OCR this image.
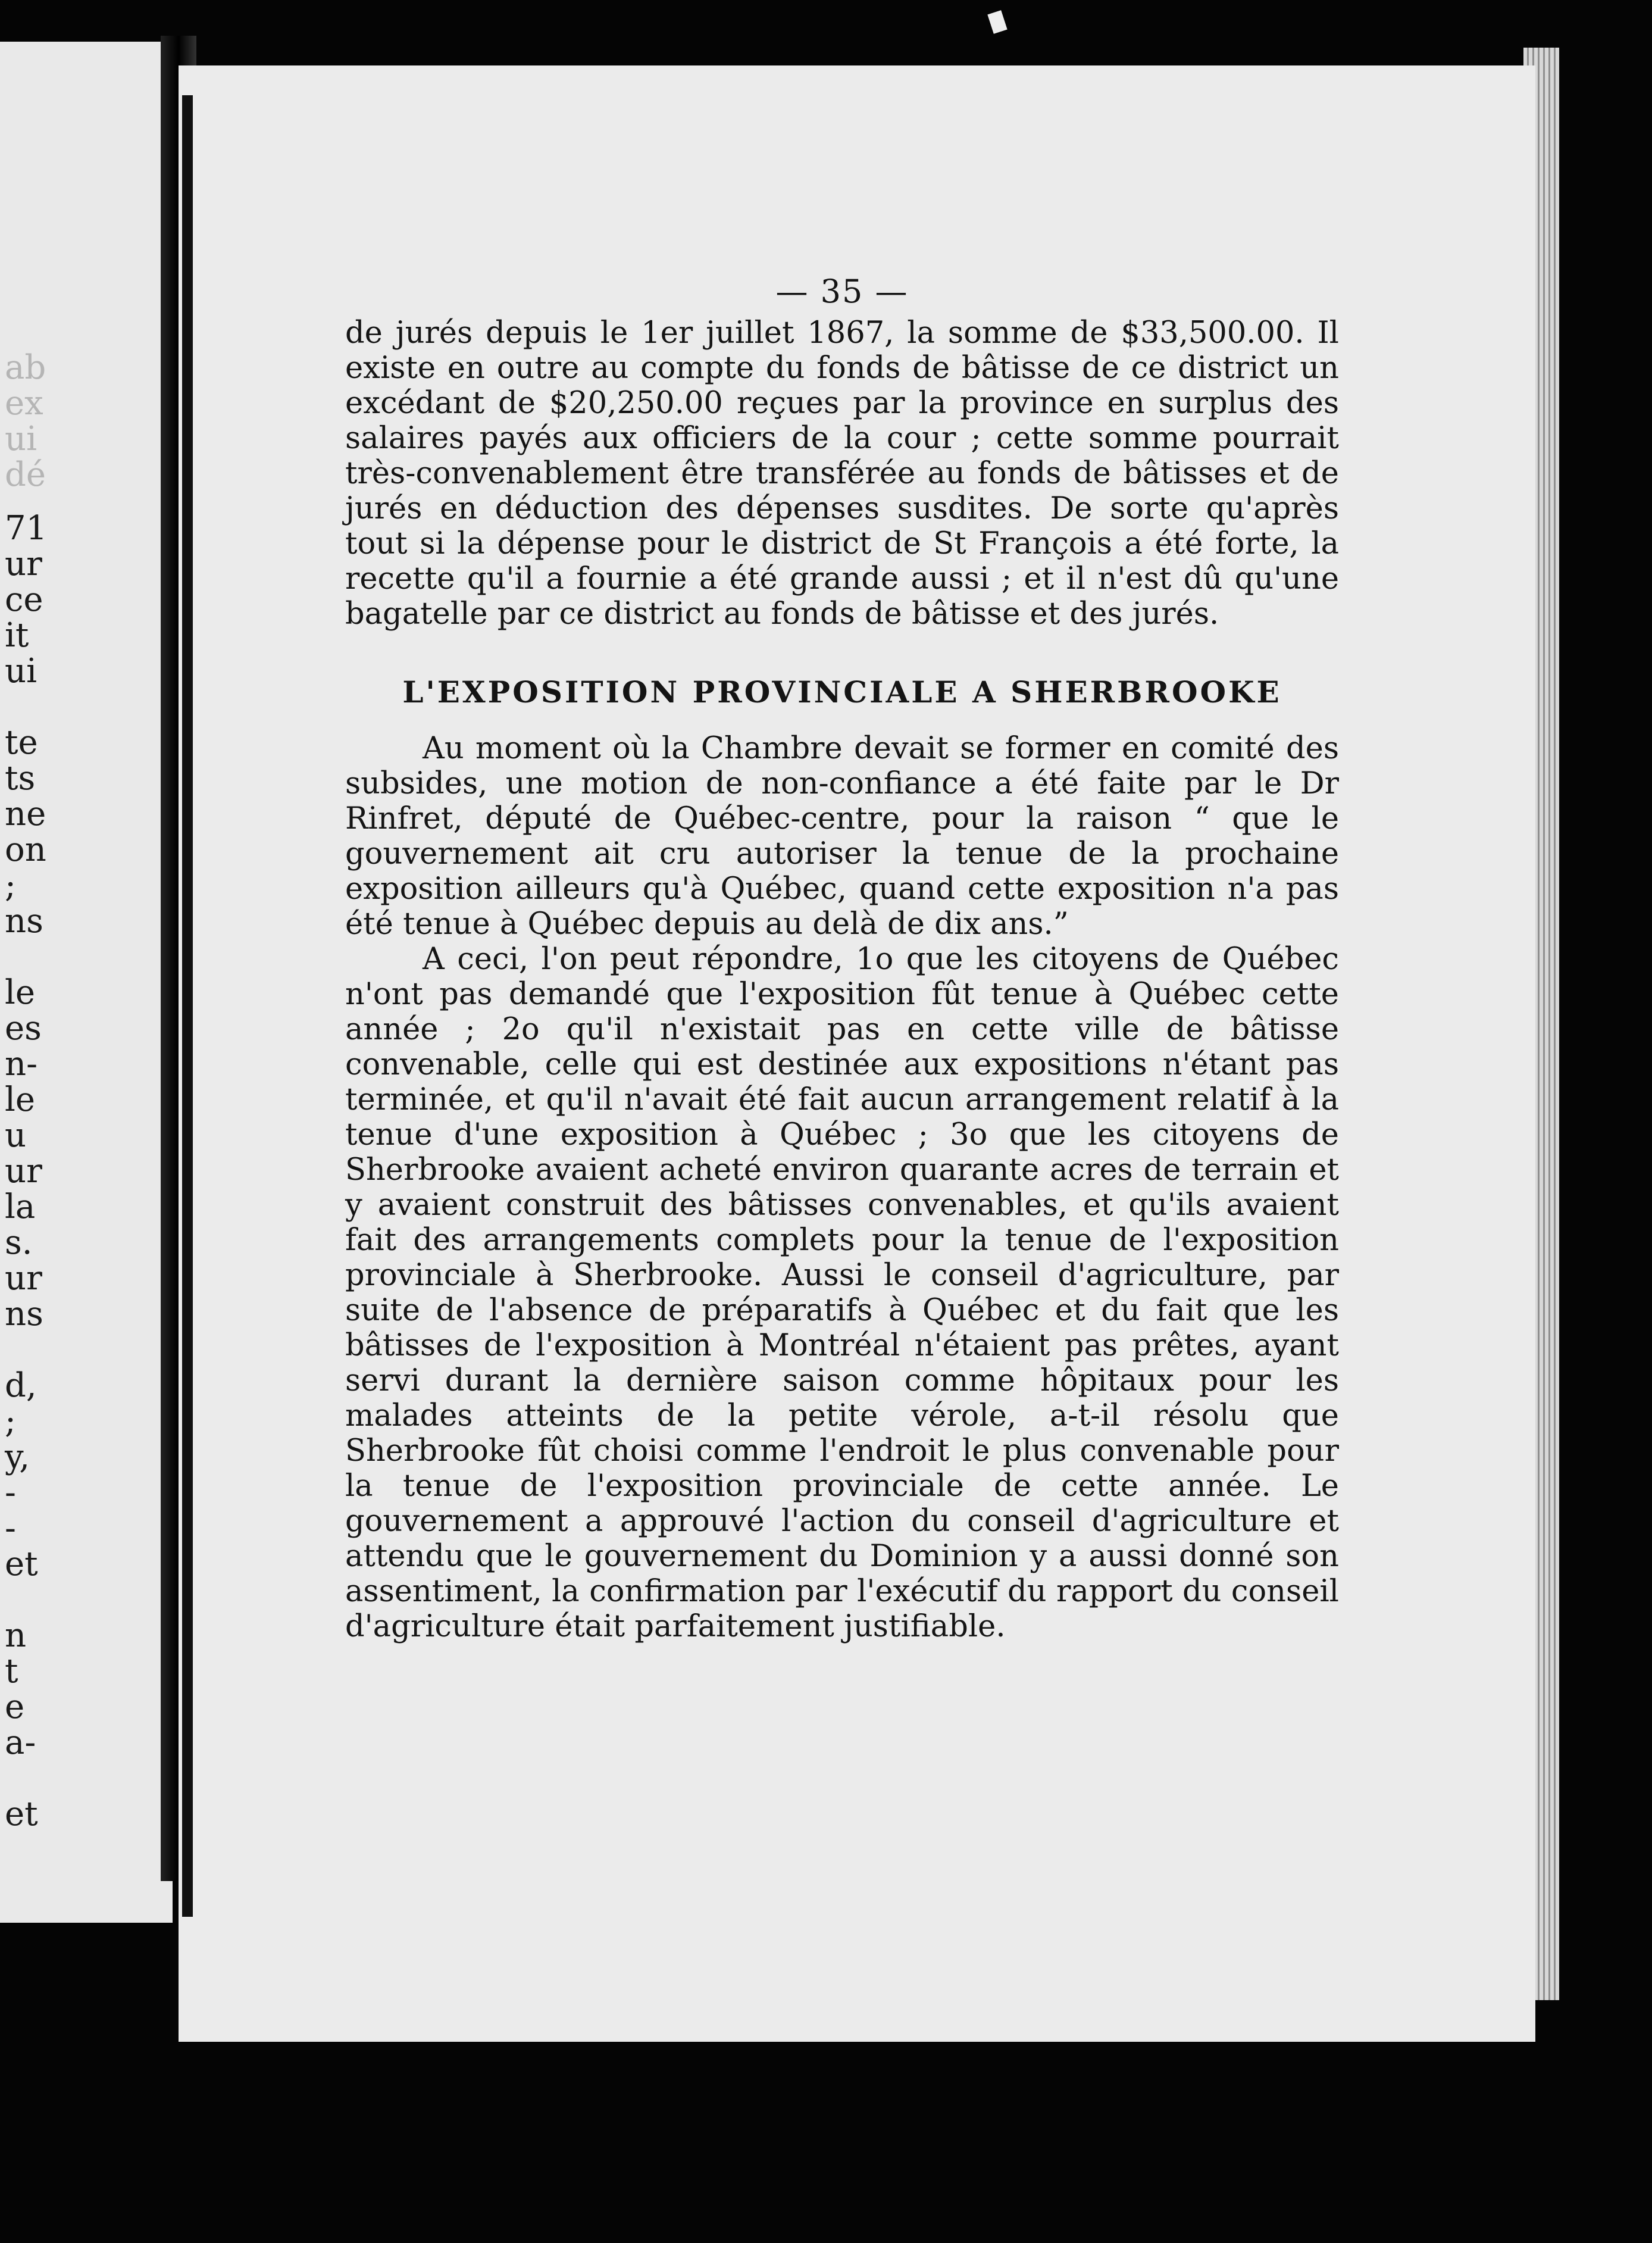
ab
ex
ui
dé
71
ur
ce
it
ui
te
ts
ne
on
;
ns
le
es
n-
le
u
ur
la
s.
ur
ns
d,
;
y,
-
-
et
n
t
e
a-
et
— 35 —

de jurés depuis le 1er juillet 1867, la somme de $33,500.00. Il existe en outre au compte du fonds de bâtisse de ce district un excédant de $20,250.00 reçues par la province en surplus des salaires payés aux officiers de la cour ; cette somme pourrait très-convenablement être transférée au fonds de bâtisses et de jurés en déduction des dépenses susdites. De sorte qu'après tout si la dépense pour le district de St François a été forte, la recette qu'il a fournie a été grande aussi ; et il n'est dû qu'une bagatelle par ce district au fonds de bâtisse et des jurés.

L'EXPOSITION PROVINCIALE A SHERBROOKE

Au moment où la Chambre devait se former en comité des subsides, une motion de non-confiance a été faite par le Dr Rinfret, député de Québec-centre, pour la raison “ que le gouvernement ait cru autoriser la tenue de la prochaine exposition ailleurs qu'à Québec, quand cette exposition n'a pas été tenue à Québec depuis au delà de dix ans.”

A ceci, l'on peut répondre, 1o que les citoyens de Québec n'ont pas demandé que l'exposition fût tenue à Québec cette année ; 2o qu'il n'existait pas en cette ville de bâtisse convenable, celle qui est destinée aux expositions n'étant pas terminée, et qu'il n'avait été fait aucun arrangement relatif à la tenue d'une exposition à Québec ; 3o que les citoyens de Sherbrooke avaient acheté environ quarante acres de terrain et y avaient construit des bâtisses convenables, et qu'ils avaient fait des arrangements complets pour la tenue de l'exposition provinciale à Sherbrooke. Aussi le conseil d'agriculture, par suite de l'absence de préparatifs à Québec et du fait que les bâtisses de l'exposition à Montréal n'étaient pas prêtes, ayant servi durant la dernière saison comme hôpitaux pour les malades atteints de la petite vérole, a-t-il résolu que Sherbrooke fût choisi comme l'endroit le plus convenable pour la tenue de l'exposition provinciale de cette année. Le gouvernement a approuvé l'action du conseil d'agriculture et attendu que le gouvernement du Dominion y a aussi donné son assentiment, la confirmation par l'exécutif du rapport du conseil d'agriculture était parfaitement justifiable.
